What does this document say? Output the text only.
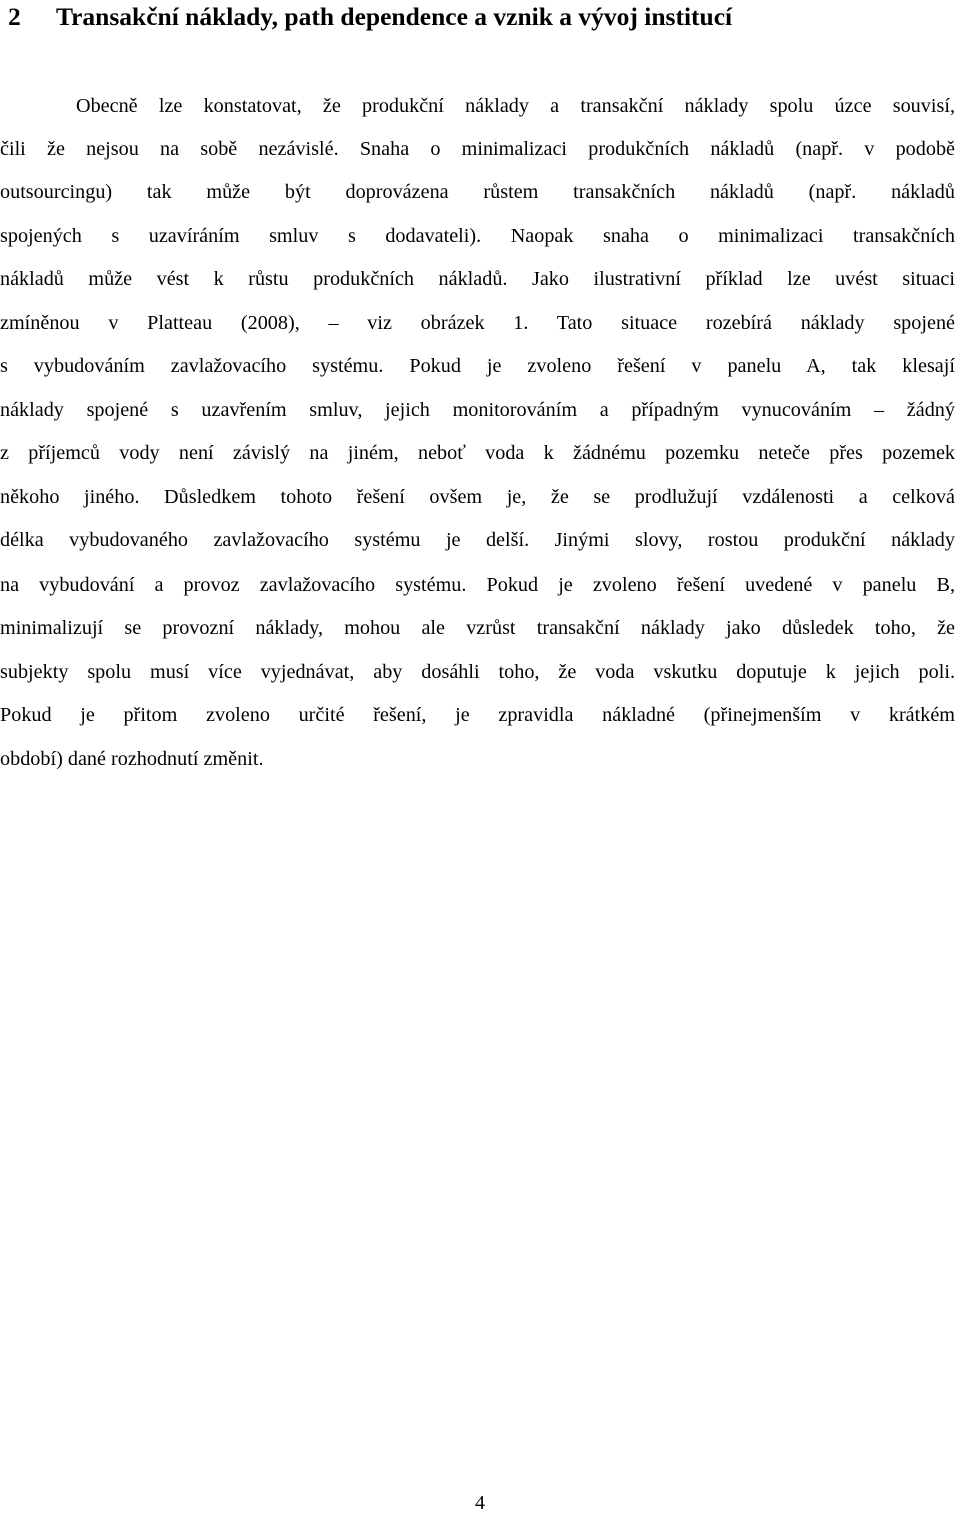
2 Transakční náklady, path dependence a vznik a vývoj institucí
Obecně lze konstatovat, že produkční náklady a transakční náklady spolu úzce souvisí,
čili že nejsou na sobě nezávislé. Snaha o minimalizaci produkčních nákladů (např. v podobě
outsourcingu) tak může být doprovázena růstem transakčních nákladů (např. nákladů
spojených s uzavíráním smluv s dodavateli). Naopak snaha o minimalizaci transakčních
nákladů může vést k růstu produkčních nákladů. Jako ilustrativní příklad lze uvést situaci
zmíněnou v Platteau (2008), – viz obrázek 1. Tato situace rozebírá náklady spojené
s vybudováním zavlažovacího systému. Pokud je zvoleno řešení v panelu A, tak klesají
náklady spojené s uzavřením smluv, jejich monitorováním a případným vynucováním – žádný
z příjemců vody není závislý na jiném, neboť voda k žádnému pozemku neteče přes pozemek
někoho jiného. Důsledkem tohoto řešení ovšem je, že se prodlužují vzdálenosti a celková
délka vybudovaného zavlažovacího systému je delší. Jinými slovy, rostou produkční náklady
na vybudování a provoz zavlažovacího systému. Pokud je zvoleno řešení uvedené v panelu B,
minimalizují se provozní náklady, mohou ale vzrůst transakční náklady jako důsledek toho, že
subjekty spolu musí více vyjednávat, aby dosáhli toho, že voda vskutku doputuje k jejich poli.
Pokud je přitom zvoleno určité řešení, je zpravidla nákladné (přinejmenším v krátkém
období) dané rozhodnutí změnit.
4
